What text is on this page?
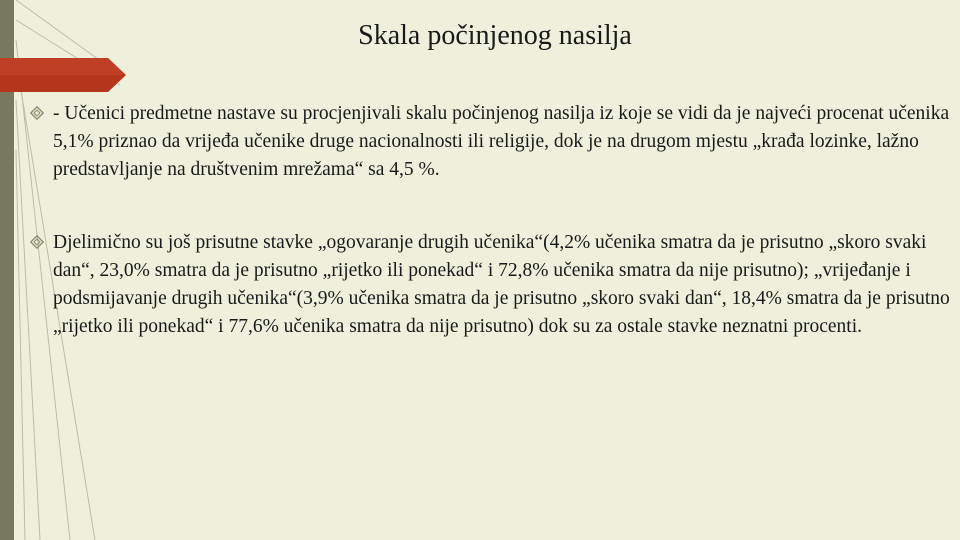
Skala počinjenog nasilja
- Učenici predmetne nastave su procjenjivali skalu počinjenog nasilja iz koje se vidi da je najveći procenat učenika 5,1% priznao da vrijeđa učenike druge nacionalnosti ili religije, dok je na drugom mjestu „krađa lozinke, lažno predstavljanje na društvenim mrežama“ sa 4,5 %.
Djelimično su još prisutne stavke „ogovaranje drugih učenika“(4,2% učenika smatra da je prisutno „skoro svaki dan“, 23,0% smatra da je prisutno „rijetko ili ponekad“ i 72,8% učenika smatra da nije prisutno); „vrijeđanje i podsmijavanje drugih učenika“(3,9% učenika smatra da je prisutno „skoro svaki dan“, 18,4% smatra da je prisutno „rijetko ili ponekad“ i 77,6% učenika smatra da nije prisutno) dok su za ostale stavke neznatni procenti.
